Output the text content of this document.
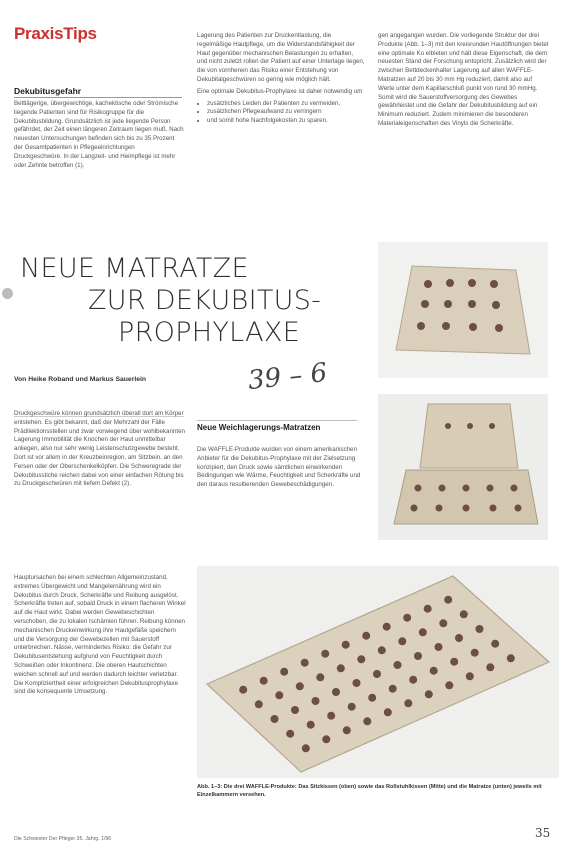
PraxisTips
Dekubitusgefahr

Bettlägerige, übergewichtige, kachektische oder Strömische liegende Patienten sind für Risikogruppe für die Dekubitusbildung. Grundsätzlich ist jede liegende Person gefährdet, der Zeit einen längeren Zeitraum liegen muß. Nach neuesten Untersuchungen befinden sich bis zu 35 Prozent der Gesamtpatienten in Pflegeeinrichtungen Druckgeschwüre. In der Langzeit- und Heimpflege ist mehr oder Zehnte betroffen (1).

Lagerung des Patienten zur Druckentlastung, die regelmäßige Hautpflege, um die Widerstandsfähigkeit der Haut gegenüber mechanischen Belastungen zu erhalten, und nicht zuletzt rollen der Patient auf einer Unterlage liegen, die von vornherein das Risiko einer Entstehung von Dekubitalgeschwüren so gering wie möglich hält.

Eine optimale Dekubitus-Prophylaxe ist daher notwendig um

• zusätzliches Leiden der Patienten zu vermeiden,
• zusätzlichen Pflegeaufwand zu verringern
• und somit hohe Nachfolgekosten zu sparen.

gen angegangen wurden. Die vorliegende Struktur der drei Produkte (Abb. 1–3) mit den kreisrunden Hautöffnungen bietet eine optimale Ko elbieten und hält diese Eigenschaft, die dem neuesten Stand der Forschung entspricht. Zusätzlich wird der zwischen Bettdeckenhalter Lagerung auf allen WAFFLE-Matratzen auf 20 bis 30 mm Hg reduziert, damit also auf Werte unter dem Kapillarschluß punkt von rund 30 mmHg. Somit wird die Sauerstoffversorgung des Gewebes gewährleistet und die Gefahr der Dekubitusbildung auf ein Minimum reduziert. Zudem minimieren die besonderen Materialeigenschaften des Vinyls die Scherkräfte.

NEUE MATRATZE
ZUR DEKUBITUS-
PROPHYLAXE
Von Heike Roband und Markus Sauerlein	39 – 6

Druckgeschwüre können grundsätzlich überall dort am Körper entstehen. Es gibt bekannt, daß der Mehrzahl der Fälle Prädilektionsstellen und zwar vorwiegend über wohlbekannten Lagerung Immobilität die Knochen der Haut unmittelbar anliegen, also nur sehr wenig Leistenschutzgewebe besteht. Dort ist vor allem in der Kreuzbeinregion, am Sitzbein, an den Fersen oder der Oberschenkelköpfen. Die Schweregrade der Dekubitusstiche reichen dabei von einer einfachen Rötung bis zu Druckgeschwüren mit tiefem Defekt (2).

Hauptursachen bei einem schlechten Allgemeinzustand, extremes Übergewicht und Mangelernährung wird ein Dekubitus durch Druck, Scherkräfte und Reibung ausgelöst. Scherkräfte treten auf, sobald Druck in einem flacheren Winkel auf die Haut wirkt. Dabei werden Gewebeschichten verschoben, die zu lokalen Ischämien führen. Reibung können mechanischen Druckeinwirkung ihre Hautgefäße speichern und die Versorgung der Gewebezellen mit Sauerstoff unterbrechen. Nässe, vermindertes Risiko: die Gefahr zur Dekubitusentstehung aufgrund von Feuchtigkeit durch Schweißen oder Inkontinenz. Die oberen Hautschichten weichen schnell auf und werden dadurch leichter verletzbar. Die Kompliziertheit einer erfolgreichen Dekubitusprophylaxe sind die konsequente Umsetzung.

Neue Weichlagerungs-Matratzen

Die WAFFLE-Produkte wurden von einem amerikanischen Anbieter für die Dekubitus-Prophylaxe mit der Zielsetzung konzipiert, den Druck sowie sämtlichen einwirkenden Bedingungen wie Wärme, Feuchtigkeit und Scherkräfte und den daraus resultierenden Gewebeschädigungen.

Abb. 1–3: Die drei WAFFLE-Produkte: Das Sitzkissen (oben) sowie das Rollstuhlkissen (Mitte) und die Matratze (unten) jeweils mit Einzelkammern versehen.
Die Schwester Der Pfleger 35. Jahrg. 1/96	35
